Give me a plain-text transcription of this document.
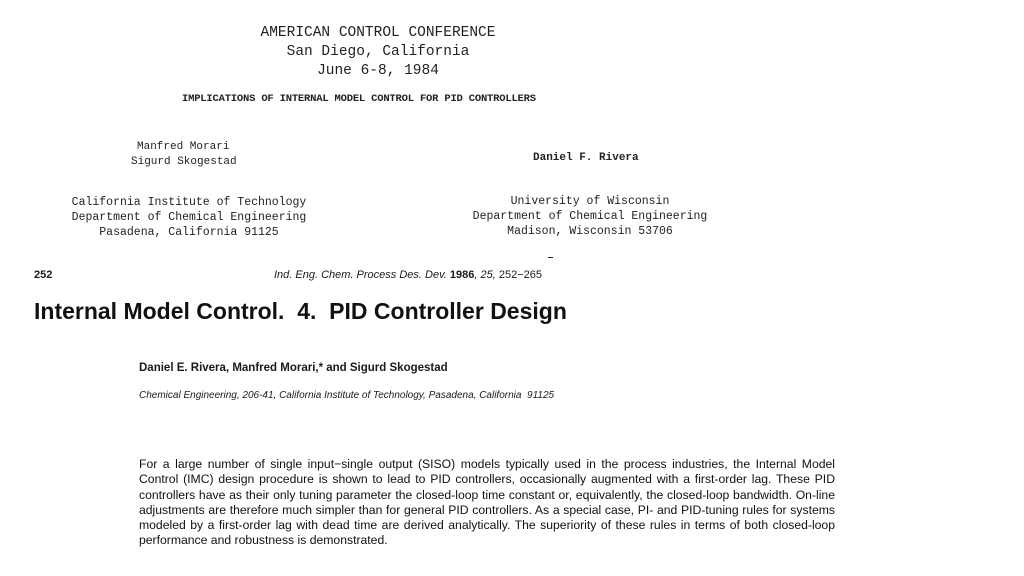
AMERICAN CONTROL CONFERENCE
San Diego, California
June 6-8, 1984
IMPLICATIONS OF INTERNAL MODEL CONTROL FOR PID CONTROLLERS
Manfred Morari
Sigurd Skogestad	Daniel F. Rivera
California Institute of Technology
Department of Chemical Engineering
Pasadena, California 91125
University of Wisconsin
Department of Chemical Engineering
Madison, Wisconsin 53706
252	Ind. Eng. Chem. Process Des. Dev. 1986, 25, 252−265
Internal Model Control.  4.  PID Controller Design
Daniel E. Rivera, Manfred Morari,* and Sigurd Skogestad
Chemical Engineering, 206-41, California Institute of Technology, Pasadena, California  91125
For a large number of single input−single output (SISO) models typically used in the process industries, the Internal Model Control (IMC) design procedure is shown to lead to PID controllers, occasionally augmented with a first-order lag. These PID controllers have as their only tuning parameter the closed-loop time constant or, equivalently, the closed-loop bandwidth. On-line adjustments are therefore much simpler than for general PID controllers. As a special case, PI- and PID-tuning rules for systems modeled by a first-order lag with dead time are derived analytically. The superiority of these rules in terms of both closed-loop performance and robustness is demonstrated.
